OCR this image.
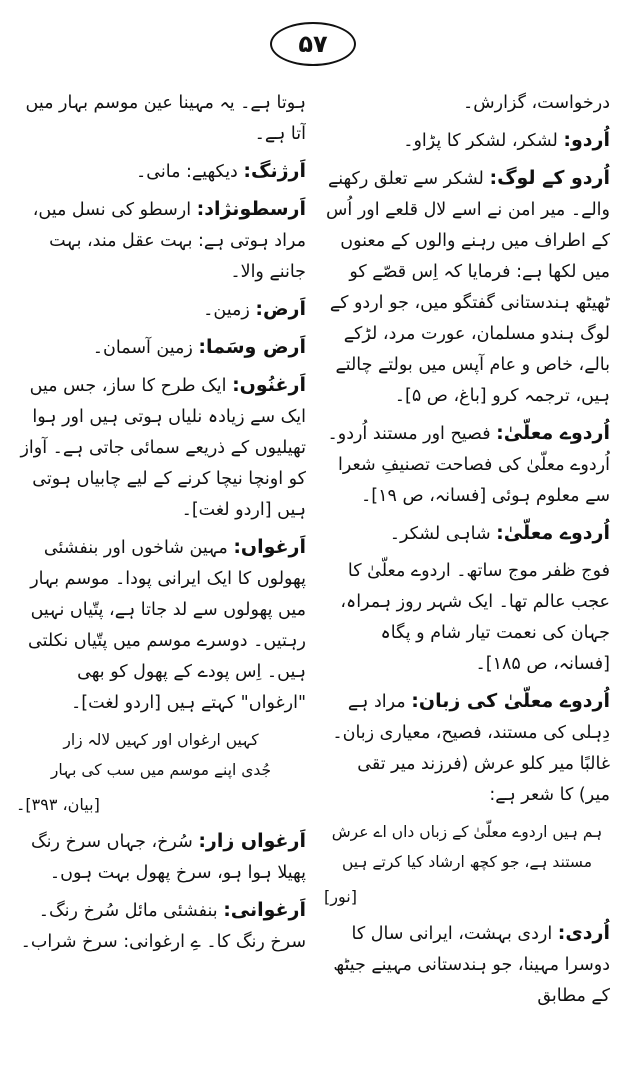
۵۷
درخواست، گزارش۔
اُردو: لشکر، لشکر کا پڑاو۔
اُردو کے لوگ: لشکر سے تعلق رکھنے والے۔ میر امن نے اسے لال قلعے اور اُس کے اطراف میں رہنے والوں کے معنوں میں لکھا ہے: فرمایا کہ اِس قصّے کو ٹھیٹھ ہندستانی گفتگو میں، جو اردو کے لوگ ہندو مسلمان، عورت مرد، لڑکے بالے، خاص و عام آپس میں بولتے چالتے ہیں، ترجمہ کرو [باغ، ص ۵]۔
اُردوے معلّیٰ: فصیح اور مستند اُردو۔ اُردوے معلّیٰ کی فصاحت تصنیفِ شعرا سے معلوم ہوئی [فسانہ، ص ۱۹]۔
اُردوے معلّیٰ: شاہی لشکر۔
فوج ظفر موج ساتھ۔ اردوے معلّیٰ کا عجب عالم تھا۔ ایک شہر روز ہمراہ، جہان کی نعمت تیار شام و پگاہ [فسانہ، ص ۱۸۵]۔
اُردوے معلّیٰ کی زبان: مراد ہے دِہلی کی مستند، فصیح، معیاری زبان۔ غالبًا میر کلو عرش (فرزند میر تقی میر) کا شعر ہے:
ہم ہیں اردوے معلّیٰ کے زباں داں اے عرش
مستند ہے، جو کچھ ارشاد کیا کرتے ہیں
[نور]
اُردی: اردی بہشت، ایرانی سال کا دوسرا مہینا، جو ہندستانی مہینے جیٹھ کے مطابق
ہوتا ہے۔ یہ مہینا عین موسم بہار میں آتا ہے۔
اَرژنگ: دیکھیے: مانی۔
اَرسطونژاد: ارسطو کی نسل میں، مراد ہوتی ہے: بہت عقل مند، بہت جاننے والا۔
اَرض: زمین۔
اَرض وسَما: زمین آسمان۔
اَرغنُوں: ایک طرح کا ساز، جس میں ایک سے زیادہ نلیاں ہوتی ہیں اور ہوا تھیلیوں کے ذریعے سمائی جاتی ہے۔ آواز کو اونچا نیچا کرنے کے لیے چابیاں ہوتی ہیں [اردو لغت]۔
اَرغواں: مہین شاخوں اور بنفشئی پھولوں کا ایک ایرانی پودا۔ موسم بہار میں پھولوں سے لد جاتا ہے، پتّیاں نہیں رہتیں۔ دوسرے موسم میں پتّیاں نکلتی ہیں۔ اِس پودے کے پھول کو بھی "ارغواں" کہتے ہیں [اردو لغت]۔
کہیں ارغواں اور کہیں لالہ زار
جُدی اپنے موسم میں سب کی بہار
[بیان، ۳۹۳]۔
اَرغواں زار: سُرخ، جہاں سرخ رنگ پھیلا ہوا ہو، سرخ پھول بہت ہوں۔
اَرغوانی: بنفشئی مائل سُرخ رنگ۔ سرخ رنگ کا۔ ےِ ارغوانی: سرخ شراب۔
